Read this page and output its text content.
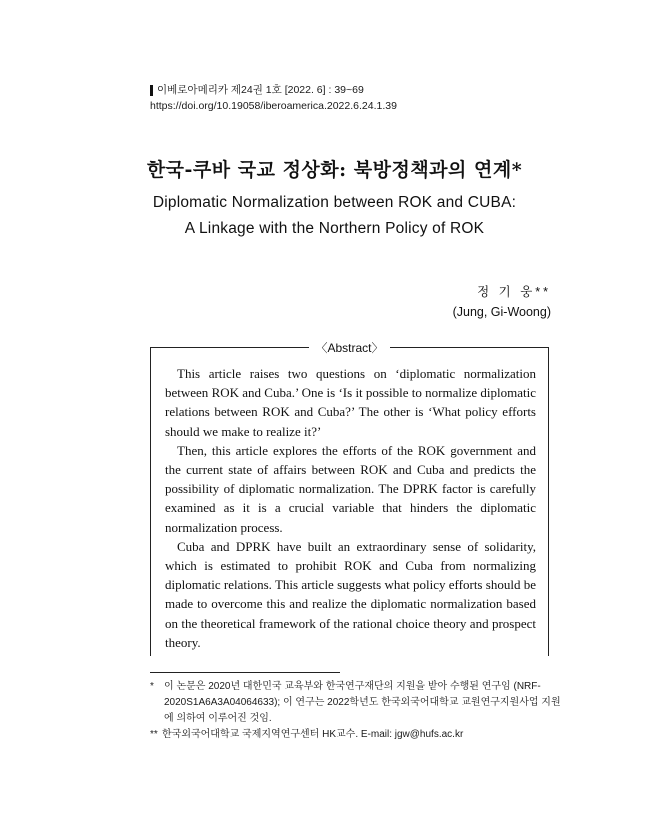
이베로아메리카 제24권 1호 [2022. 6] : 39~69
https://doi.org/10.19058/iberoamerica.2022.6.24.1.39
한국-쿠바 국교 정상화: 북방정책과의 연계*
Diplomatic Normalization between ROK and CUBA:
A Linkage with the Northern Policy of ROK
정 기 웅**
(Jung, Gi-Woong)
〈Abstract〉

This article raises two questions on ‘diplomatic normalization between ROK and Cuba.’ One is ‘Is it possible to normalize diplomatic relations between ROK and Cuba?’ The other is ‘What policy efforts should we make to realize it?’

Then, this article explores the efforts of the ROK government and the current state of affairs between ROK and Cuba and predicts the possibility of diplomatic normalization. The DPRK factor is carefully examined as it is a crucial variable that hinders the diplomatic normalization process.

Cuba and DPRK have built an extraordinary sense of solidarity, which is estimated to prohibit ROK and Cuba from normalizing diplomatic relations. This article suggests what policy efforts should be made to overcome this and realize the diplomatic normalization based on the theoretical framework of the rational choice theory and prospect theory.

*	이 논문은 2020년 대한민국 교육부와 한국연구재단의 지원을 받아 수행된 연구임 (NRF-2020S1A6A3A04064633); 이 연구는 2022학년도 한국외국어대학교 교원연구지원사업 지원에 의하여 이루어진 것임.
** 한국외국어대학교 국제지역연구센터 HK교수. E-mail: jgw@hufs.ac.kr
